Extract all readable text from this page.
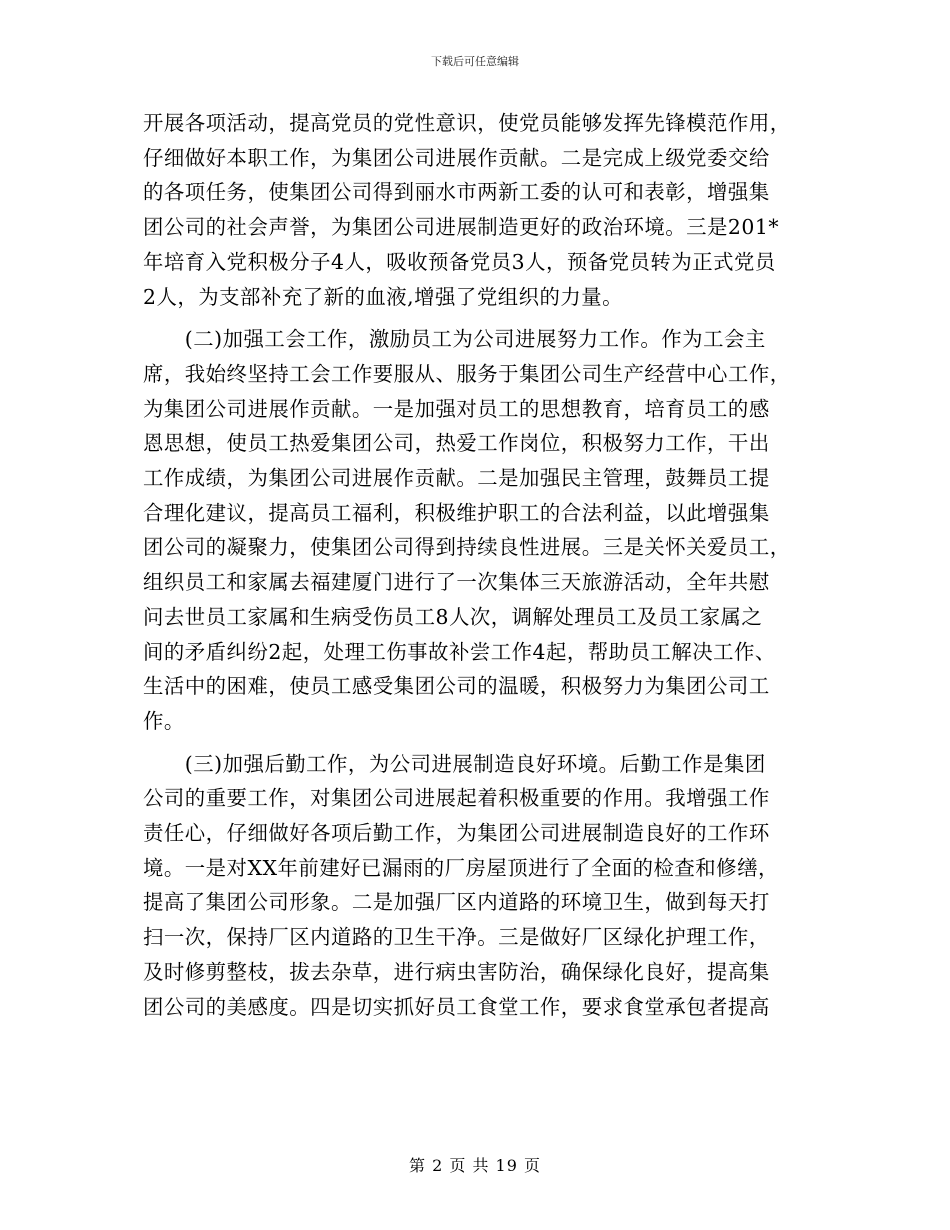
下载后可任意编辑

开展各项活动，提高党员的党性意识，使党员能够发挥先锋模范作用，

仔细做好本职工作，为集团公司进展作贡献。二是完成上级党委交给

的各项任务，使集团公司得到丽水市两新工委的认可和表彰，增强集

团公司的社会声誉，为集团公司进展制造更好的政治环境。三是201*

年培育入党积极分子4人，吸收预备党员3人，预备党员转为正式党员

2人，为支部补充了新的血液,增强了党组织的力量。

　　(二)加强工会工作，激励员工为公司进展努力工作。作为工会主

席，我始终坚持工会工作要服从、服务于集团公司生产经营中心工作，

为集团公司进展作贡献。一是加强对员工的思想教育，培育员工的感

恩思想，使员工热爱集团公司，热爱工作岗位，积极努力工作，干出

工作成绩，为集团公司进展作贡献。二是加强民主管理，鼓舞员工提

合理化建议，提高员工福利，积极维护职工的合法利益，以此增强集

团公司的凝聚力，使集团公司得到持续良性进展。三是关怀关爱员工，

组织员工和家属去福建厦门进行了一次集体三天旅游活动，全年共慰

问去世员工家属和生病受伤员工8人次，调解处理员工及员工家属之

间的矛盾纠纷2起，处理工伤事故补尝工作4起，帮助员工解决工作、

生活中的困难，使员工感受集团公司的温暖，积极努力为集团公司工

作。

　　(三)加强后勤工作，为公司进展制造良好环境。后勤工作是集团

公司的重要工作，对集团公司进展起着积极重要的作用。我增强工作

责任心，仔细做好各项后勤工作，为集团公司进展制造良好的工作环

境。一是对XX年前建好已漏雨的厂房屋顶进行了全面的检查和修缮，

提高了集团公司形象。二是加强厂区内道路的环境卫生，做到每天打

扫一次，保持厂区内道路的卫生干净。三是做好厂区绿化护理工作，

及时修剪整枝，拔去杂草，进行病虫害防治，确保绿化良好，提高集

团公司的美感度。四是切实抓好员工食堂工作，要求食堂承包者提高

第 2 页 共 19 页
